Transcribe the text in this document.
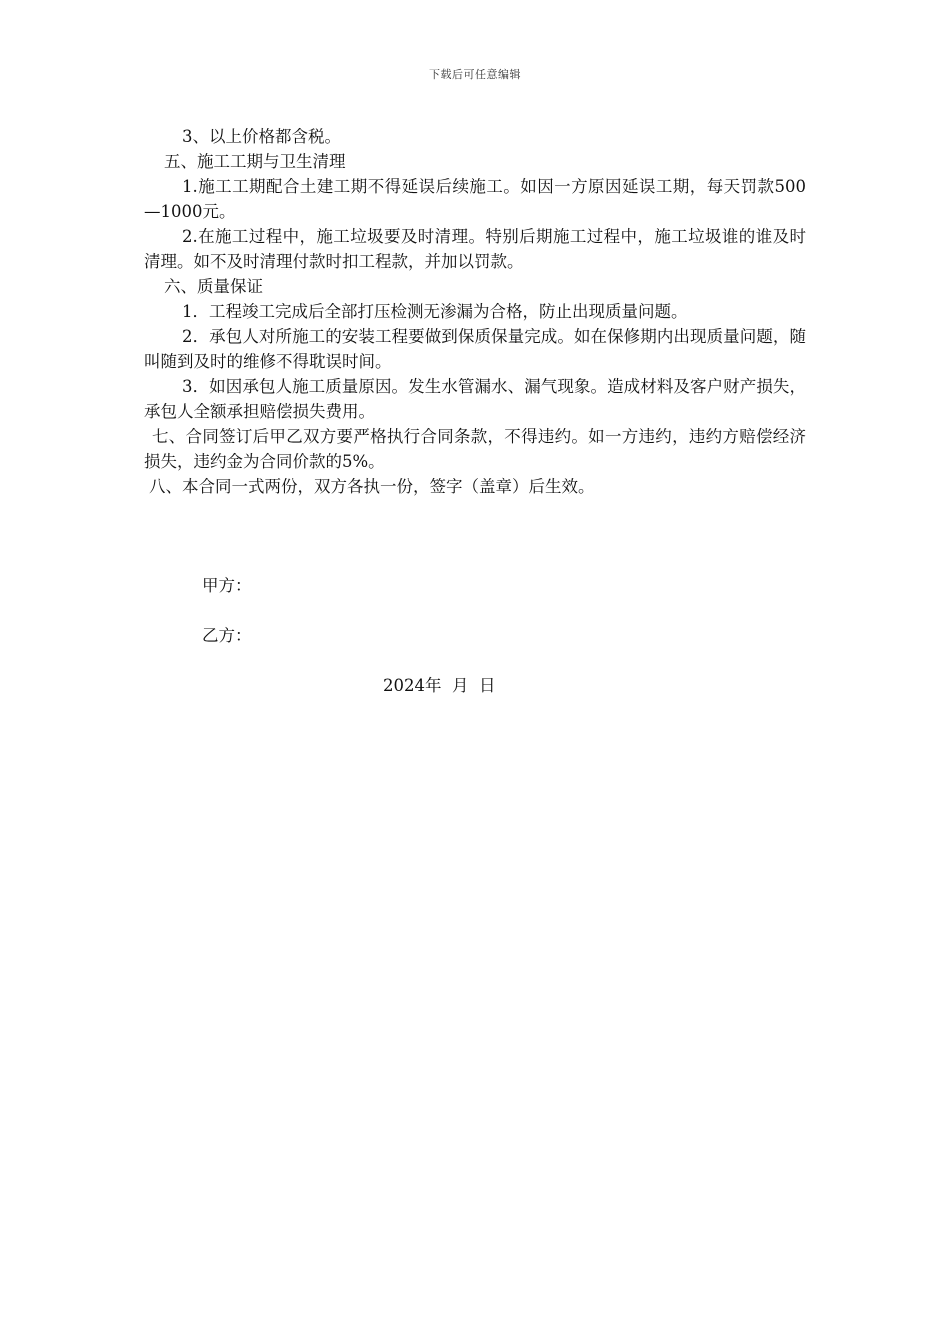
下载后可任意编辑

3、以上价格都含税。

五、施工工期与卫生清理

1.施工工期配合土建工期不得延误后续施工。如因一方原因延误工期，每天罚款500—1000元。

2.在施工过程中，施工垃圾要及时清理。特别后期施工过程中，施工垃圾谁的谁及时清理。如不及时清理付款时扣工程款，并加以罚款。

六、质量保证

1．工程竣工完成后全部打压检测无渗漏为合格，防止出现质量问题。

2．承包人对所施工的安装工程要做到保质保量完成。如在保修期内出现质量问题，随叫随到及时的维修不得耽误时间。

3．如因承包人施工质量原因。发生水管漏水、漏气现象。造成材料及客户财产损失，承包人全额承担赔偿损失费用。

七、合同签订后甲乙双方要严格执行合同条款，不得违约。如一方违约，违约方赔偿经济损失，违约金为合同价款的5%。

八、本合同一式两份，双方各执一份，签字（盖章）后生效。

甲方：
乙方：
2024年  月  日
